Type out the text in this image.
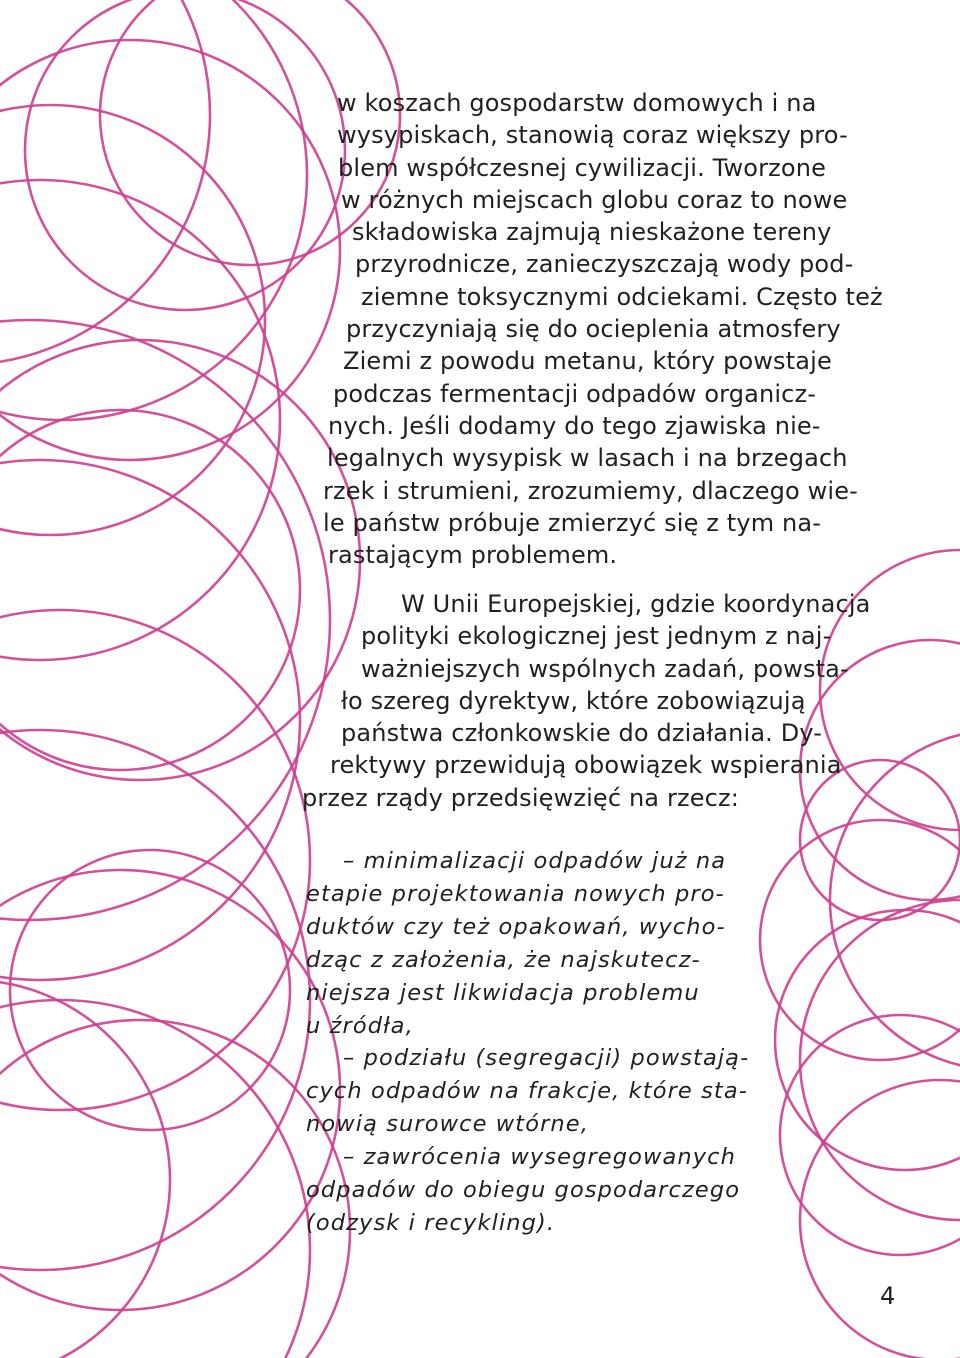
w koszach gospodarstw domowych i na
wysypiskach, stanowią coraz większy pro-
blem współczesnej cywilizacji. Tworzone
w różnych miejscach globu coraz to nowe
składowiska zajmują nieskażone tereny
przyrodnicze, zanieczyszczają wody pod-
ziemne toksycznymi odciekami. Często też
przyczyniają się do ocieplenia atmosfery
Ziemi z powodu metanu, który powstaje
podczas fermentacji odpadów organicz-
nych. Jeśli dodamy do tego zjawiska nie-
legalnych wysypisk w lasach i na brzegach
rzek i strumieni, zrozumiemy, dlaczego wie-
le państw próbuje zmierzyć się z tym na-
rastającym problemem.
W Unii Europejskiej, gdzie koordynacja
polityki ekologicznej jest jednym z naj-
ważniejszych wspólnych zadań, powsta-
ło szereg dyrektyw, które zobowiązują
państwa członkowskie do działania. Dy-
rektywy przewidują obowiązek wspierania
przez rządy przedsięwzięć na rzecz:
– minimalizacji odpadów już na
etapie projektowania nowych pro-
duktów czy też opakowań, wycho-
dząc z założenia, że najskutecz-
niejsza jest likwidacja problemu
u źródła,
– podziału (segregacji) powstają-
cych odpadów na frakcje, które sta-
nowią surowce wtórne,
– zawrócenia wysegregowanych
odpadów do obiegu gospodarczego
(odzysk i recykling).
4
